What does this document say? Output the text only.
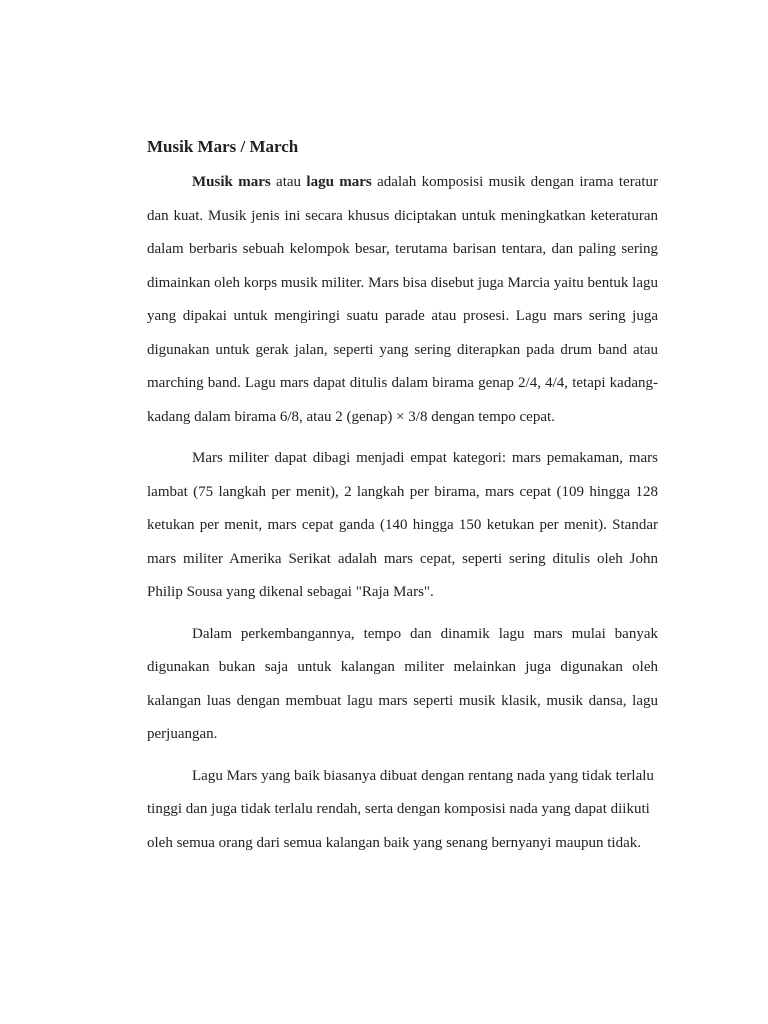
Musik Mars / March

Musik mars atau lagu mars adalah komposisi musik dengan irama teratur dan kuat. Musik jenis ini secara khusus diciptakan untuk meningkatkan keteraturan dalam berbaris sebuah kelompok besar, terutama barisan tentara, dan paling sering dimainkan oleh korps musik militer. Mars bisa disebut juga Marcia yaitu bentuk lagu yang dipakai untuk mengiringi suatu parade atau prosesi. Lagu mars sering juga digunakan untuk gerak jalan, seperti yang sering diterapkan pada drum band atau marching band. Lagu mars dapat ditulis dalam birama genap 2/4, 4/4, tetapi kadang-kadang dalam birama 6/8, atau 2 (genap) × 3/8 dengan tempo cepat.

Mars militer dapat dibagi menjadi empat kategori: mars pemakaman, mars lambat (75 langkah per menit), 2 langkah per birama, mars cepat (109 hingga 128 ketukan per menit, mars cepat ganda (140 hingga 150 ketukan per menit). Standar mars militer Amerika Serikat adalah mars cepat, seperti sering ditulis oleh John Philip Sousa yang dikenal sebagai "Raja Mars".

Dalam perkembangannya, tempo dan dinamik lagu mars mulai banyak digunakan bukan saja untuk kalangan militer melainkan juga digunakan oleh kalangan luas dengan membuat lagu mars seperti musik klasik, musik dansa, lagu perjuangan.

Lagu Mars yang baik biasanya dibuat dengan rentang nada yang tidak terlalu tinggi dan juga tidak terlalu rendah, serta dengan komposisi nada yang dapat diikuti oleh semua orang dari semua kalangan baik yang senang bernyanyi maupun tidak.
